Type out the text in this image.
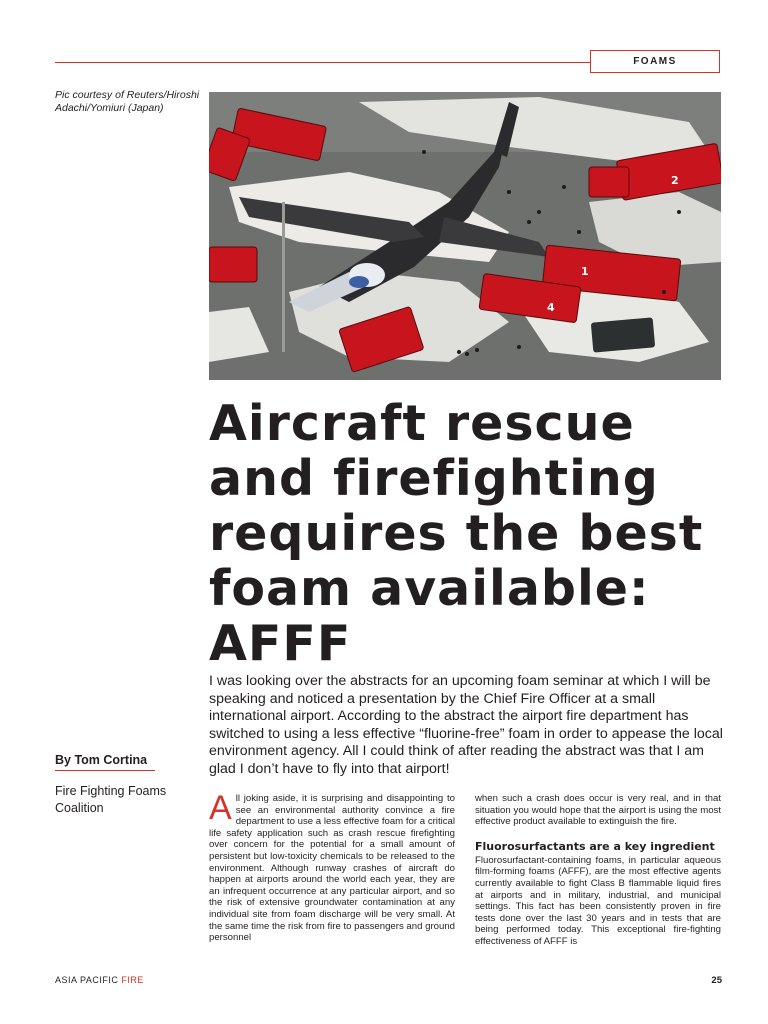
FOAMS
Pic courtesy of Reuters/Hiroshi Adachi/Yomiuri (Japan)
1
2
4
Aircraft rescue and firefighting requires the best foam available: AFFF

I was looking over the abstracts for an upcoming foam seminar at which I will be speaking and noticed a presentation by the Chief Fire Officer at a small international airport. According to the abstract the airport fire department has switched to using a less effective “fluorine-free” foam in order to appease the local environment agency. All I could think of after reading the abstract was that I am glad I don’t have to fly into that airport!

By Tom Cortina
Fire Fighting Foams Coalition	A ll joking aside, it is surprising and disappointing to see an environmental authority convince a fire department to use a less effective foam for a critical life safety application such as crash rescue firefighting over concern for the potential for a small amount of persistent but low-toxicity chemicals to be released to the environment. Although runway crashes of aircraft do happen at airports around the world each year, they are an infrequent occurrence at any particular airport, and so the risk of extensive groundwater contamination at any individual site from foam discharge will be very small. At the same time the risk from fire to passengers and ground personnel

when such a crash does occur is very real, and in that situation you would hope that the airport is using the most effective product available to extinguish the fire.

Fluorosurfactants are a key ingredient

Fluorosurfactant-containing foams, in particular aqueous film-forming foams (AFFF), are the most effective agents currently available to fight Class B flammable liquid fires at airports and in military, industrial, and municipal settings. This fact has been consistently proven in fire tests done over the last 30 years and in tests that are being performed today. This exceptional fire-fighting effectiveness of AFFF is

ASIA PACIFIC FIRE	25
